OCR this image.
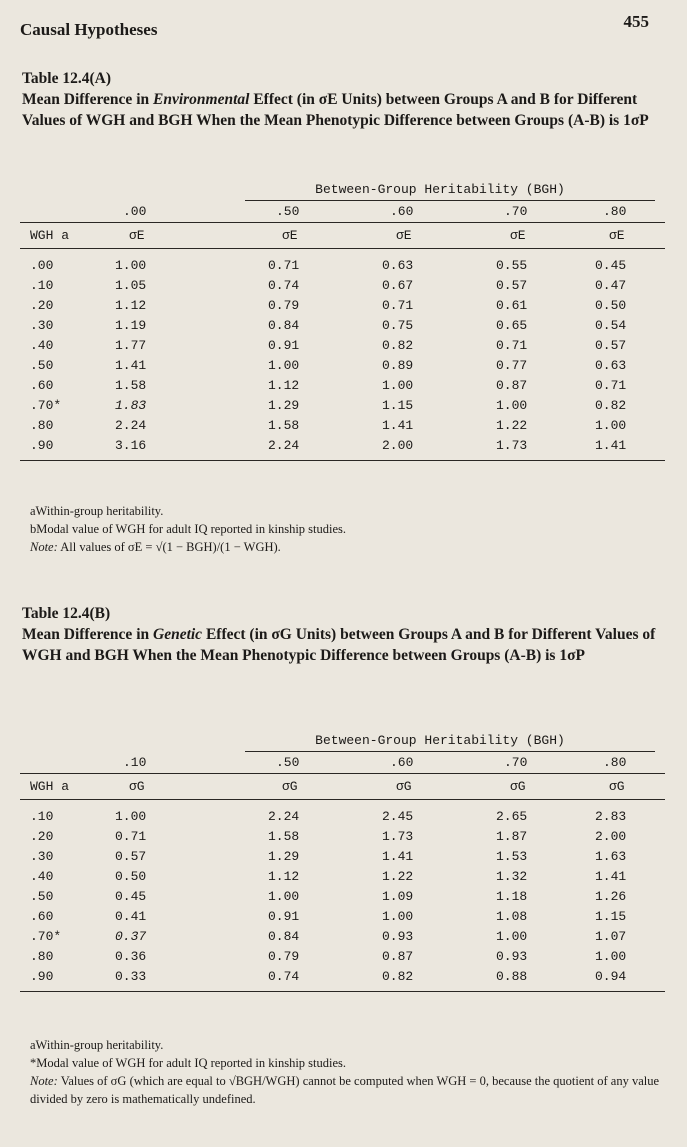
Causal Hypotheses	455
Table 12.4(A)
Mean Difference in Environmental Effect (in σE Units) between Groups A and B for Different Values of WGH and BGH When the Mean Phenotypic Difference between Groups (A-B) is 1σP
Between-Group Heritability (BGH)
.00	.50	.60	.70	.80
WGH a	σE	σE	σE	σE	σE
.00	1.00	0.71	0.63	0.55	0.45
.10	1.05	0.74	0.67	0.57	0.47
.20	1.12	0.79	0.71	0.61	0.50
.30	1.19	0.84	0.75	0.65	0.54
.40	1.77	0.91	0.82	0.71	0.57
.50	1.41	1.00	0.89	0.77	0.63
.60	1.58	1.12	1.00	0.87	0.71
.70*	1.83	1.29	1.15	1.00	0.82
.80	2.24	1.58	1.41	1.22	1.00
.90	3.16	2.24	2.00	1.73	1.41
aWithin-group heritability.
bModal value of WGH for adult IQ reported in kinship studies.
Note: All values of σE = √(1 − BGH)/(1 − WGH).
Table 12.4(B)
Mean Difference in Genetic Effect (in σG Units) between Groups A and B for Different Values of WGH and BGH When the Mean Phenotypic Difference between Groups (A-B) is 1σP
Between-Group Heritability (BGH)
.10	.50	.60	.70	.80
WGH a	σG	σG	σG	σG	σG
.10	1.00	2.24	2.45	2.65	2.83
.20	0.71	1.58	1.73	1.87	2.00
.30	0.57	1.29	1.41	1.53	1.63
.40	0.50	1.12	1.22	1.32	1.41
.50	0.45	1.00	1.09	1.18	1.26
.60	0.41	0.91	1.00	1.08	1.15
.70*	0.37	0.84	0.93	1.00	1.07
.80	0.36	0.79	0.87	0.93	1.00
.90	0.33	0.74	0.82	0.88	0.94
aWithin-group heritability.
*Modal value of WGH for adult IQ reported in kinship studies.
Note: Values of σG (which are equal to √BGH/WGH) cannot be computed when WGH = 0, because the quotient of any value divided by zero is mathematically undefined.
